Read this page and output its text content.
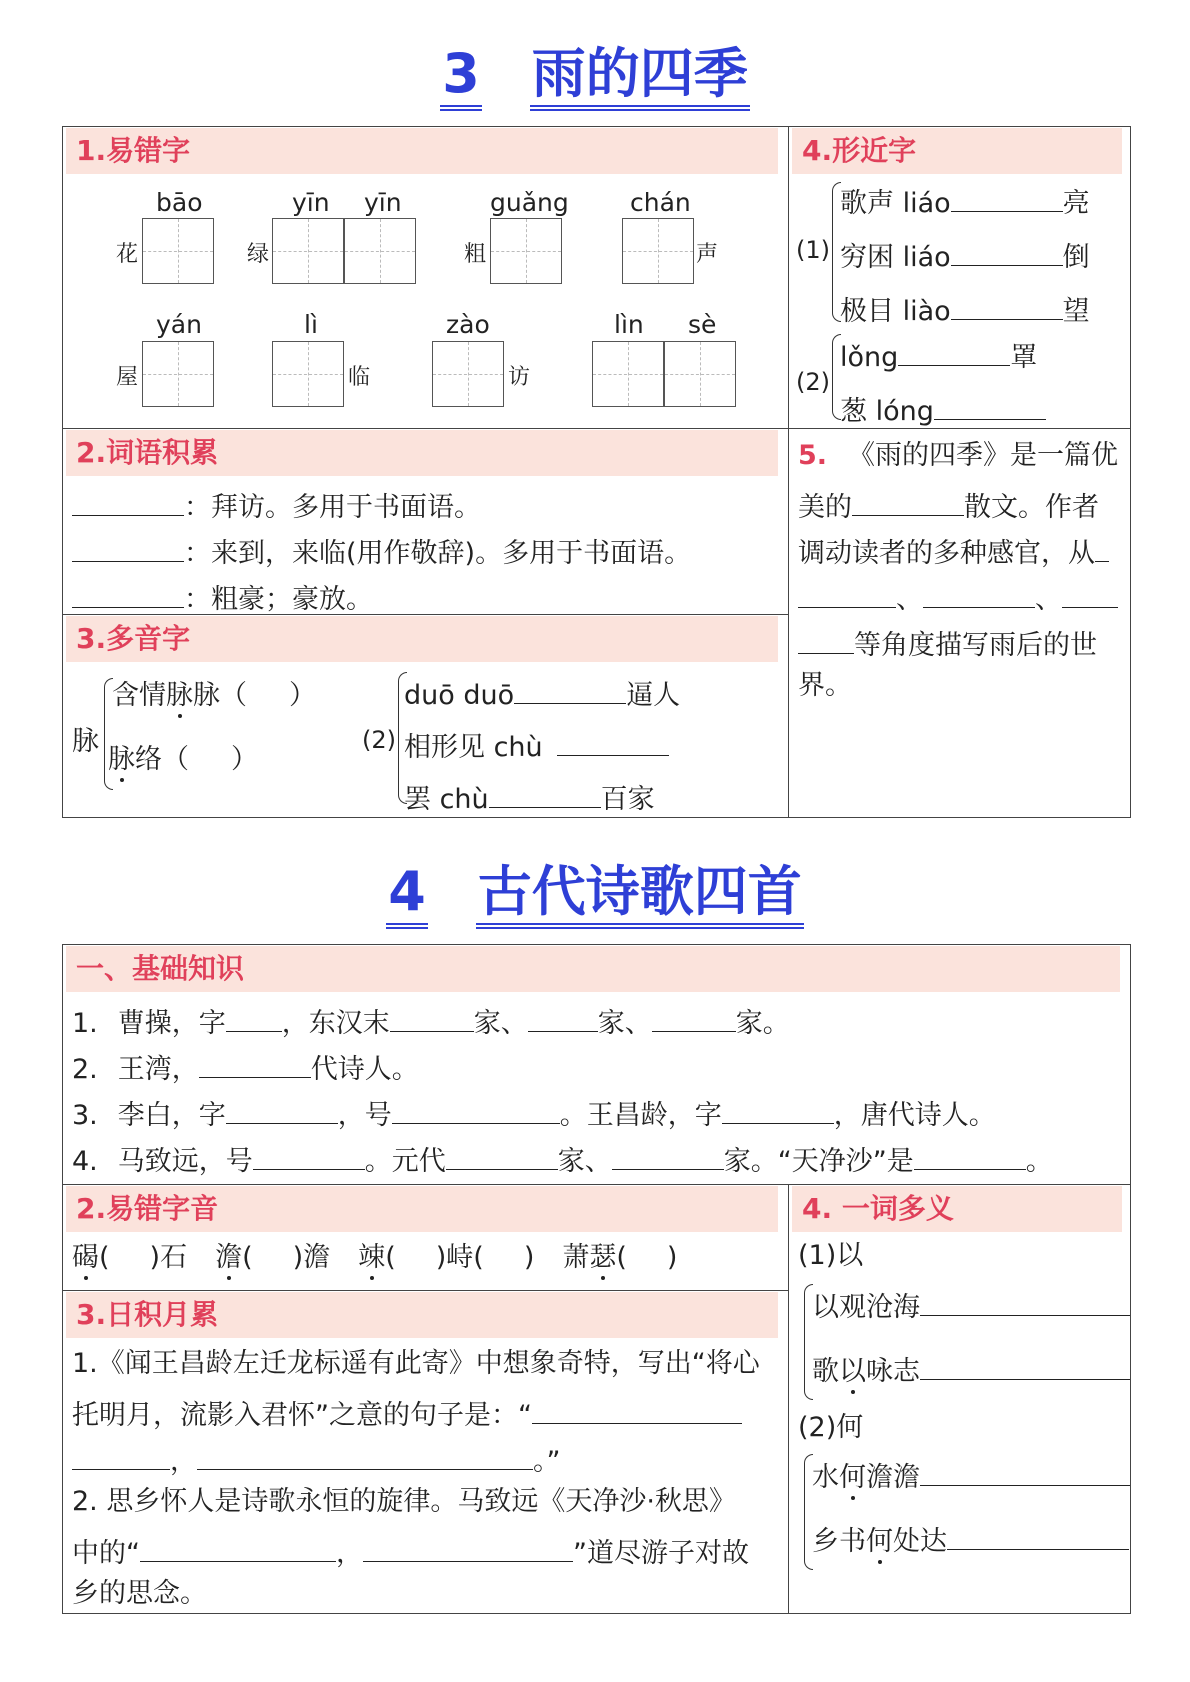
3 雨的四季
1.易错字
bāo
花
yīn yīn
绿
guǎng
粗
chán
声
yán
屋
lì
临
zào
访
lìn sè
2.词语积累
：拜访。多用于书面语。
：来到，来临(用作敬辞)。多用于书面语。
：粗豪；豪放。
3.多音字
脉
含情脉脉（ ）
脉络（ ）
(2)
duō duō	逼人
相形见 chù
罢 chù	百家
4.形近字
(1)
歌声 liáo	亮
穷困 liáo	倒
极目 liào	望
(2)
lǒng	罩
葱 lóng
5. 《雨的四季》是一篇优
美的	散文。作者
调动读者的多种感官，从
、	、
等角度描写雨后的世
界。
4 古代诗歌四首
一、基础知识
1. 曹操，字 ，东汉末	家、	家、	家。
2. 王湾，	代诗人。
3. 李白，字	，号	。王昌龄，字	，唐代诗人。
4. 马致远，号	。元代	家、	家。“天净沙”是	。
2.易错字音
碣( )石 澹( )澹 竦( )峙( ) 萧瑟( )
3.日积月累
1.《闻王昌龄左迁龙标遥有此寄》中想象奇特，写出“将心
托明月，流影入君怀”之意的句子是：“
，	。”
2. 思乡怀人是诗歌永恒的旋律。马致远《天净沙·秋思》
中的“	，	”道尽游子对故
乡的思念。
4. 一词多义
(1)以
以观沧海
歌以咏志
(2)何
水何澹澹
乡书何处达
